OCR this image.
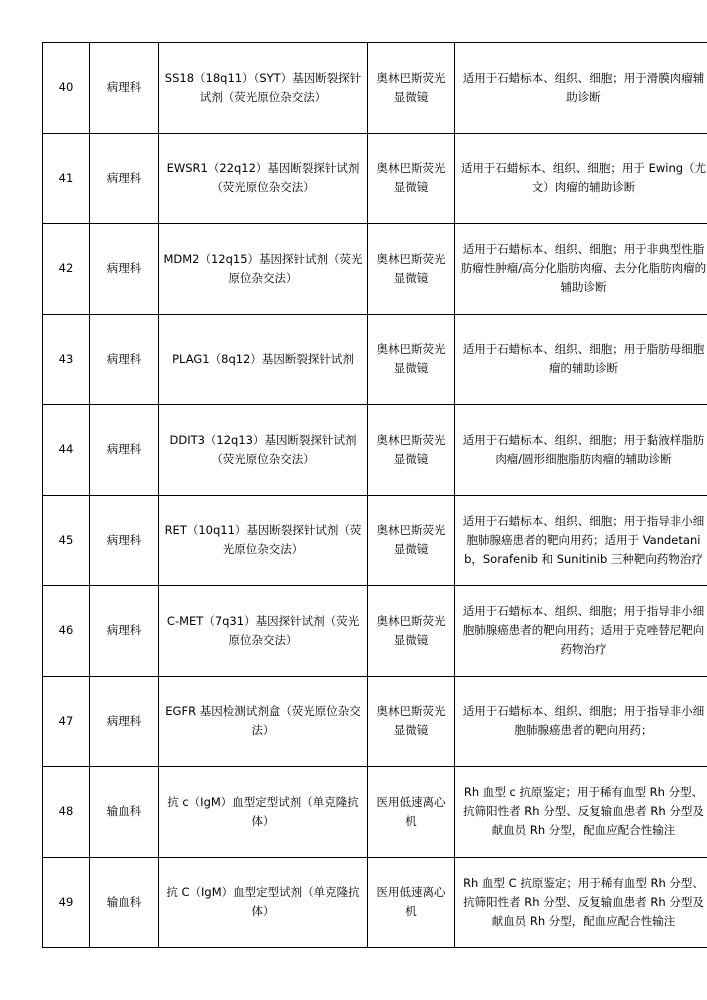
40	病理科	SS18（18q11）（SYT）基因断裂探针试剂（荧光原位杂交法）	奥林巴斯荧光显微镜	适用于石蜡标本、组织、细胞；用于滑膜肉瘤辅助诊断
41	病理科	EWSR1（22q12）基因断裂探针试剂（荧光原位杂交法）	奥林巴斯荧光显微镜	适用于石蜡标本、组织、细胞；用于 Ewing（尤文）肉瘤的辅助诊断
42	病理科	MDM2（12q15）基因探针试剂（荧光原位杂交法）	奥林巴斯荧光显微镜	适用于石蜡标本、组织、细胞；用于非典型性脂肪瘤性肿瘤/高分化脂肪肉瘤、去分化脂肪肉瘤的辅助诊断
43	病理科	PLAG1（8q12）基因断裂探针试剂	奥林巴斯荧光显微镜	适用于石蜡标本、组织、细胞；用于脂肪母细胞瘤的辅助诊断
44	病理科	DDIT3（12q13）基因断裂探针试剂（荧光原位杂交法）	奥林巴斯荧光显微镜	适用于石蜡标本、组织、细胞；用于黏液样脂肪肉瘤/圆形细胞脂肪肉瘤的辅助诊断
45	病理科	RET（10q11）基因断裂探针试剂（荧光原位杂交法）	奥林巴斯荧光显微镜	适用于石蜡标本、组织、细胞；用于指导非小细胞肺腺癌患者的靶向用药；适用于 Vandetanib，Sorafenib 和 Sunitinib 三种靶向药物治疗
46	病理科	C-MET（7q31）基因探针试剂（荧光原位杂交法）	奥林巴斯荧光显微镜	适用于石蜡标本、组织、细胞；用于指导非小细胞肺腺癌患者的靶向用药；适用于克唑替尼靶向药物治疗
47	病理科	EGFR 基因检测试剂盒（荧光原位杂交法）	奥林巴斯荧光显微镜	适用于石蜡标本、组织、细胞；用于指导非小细胞肺腺癌患者的靶向用药；
48	输血科	抗 c（IgM）血型定型试剂（单克隆抗体）	医用低速离心机	Rh 血型 c 抗原鉴定；用于稀有血型 Rh 分型、抗筛阳性者 Rh 分型、反复输血患者 Rh 分型及献血员 Rh 分型，配血应配合性输注
49	输血科	抗 C（IgM）血型定型试剂（单克隆抗体）	医用低速离心机	Rh 血型 C 抗原鉴定；用于稀有血型 Rh 分型、抗筛阳性者 Rh 分型、反复输血患者 Rh 分型及献血员 Rh 分型，配血应配合性输注
